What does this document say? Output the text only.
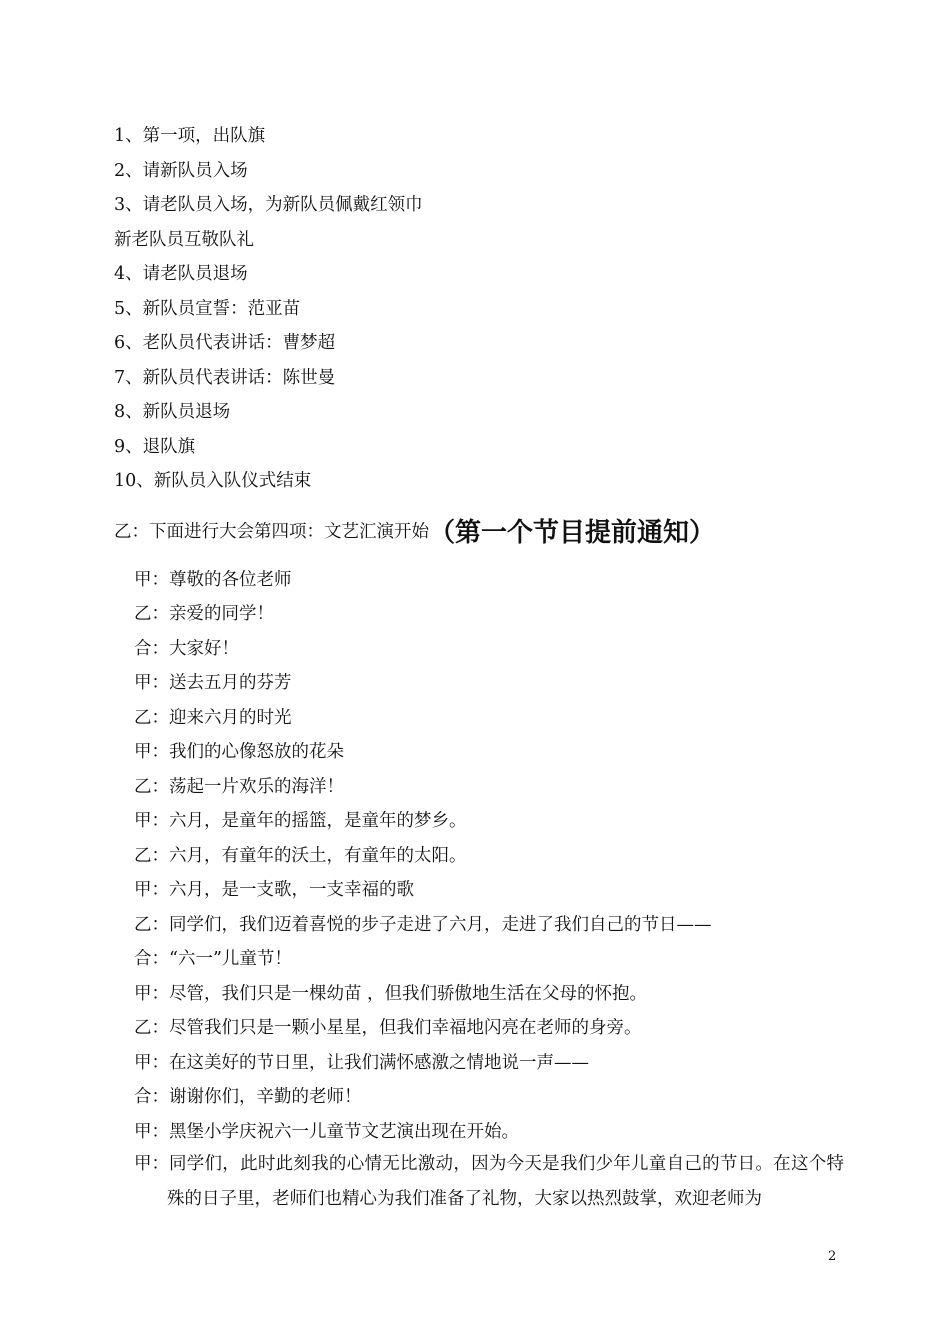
1、第一项，出队旗
2、请新队员入场
3、请老队员入场，为新队员佩戴红领巾
新老队员互敬队礼
4、请老队员退场
5、新队员宣誓：范亚苗
6、老队员代表讲话：曹梦超
7、新队员代表讲话：陈世曼
8、新队员退场
9、退队旗
10、新队员入队仪式结束
乙：下面进行大会第四项：文艺汇演开始（第一个节目提前通知）
甲：尊敬的各位老师
乙：亲爱的同学！
合：大家好！
甲：送去五月的芬芳
乙：迎来六月的时光
甲：我们的心像怒放的花朵
乙：荡起一片欢乐的海洋！
甲：六月，是童年的摇篮，是童年的梦乡。
乙：六月，有童年的沃土，有童年的太阳。
甲：六月，是一支歌，一支幸福的歌
乙：同学们，我们迈着喜悦的步子走进了六月，走进了我们自己的节日——
合：“六一”儿童节！
甲：尽管，我们只是一棵幼苗 ，但我们骄傲地生活在父母的怀抱。
乙：尽管我们只是一颗小星星，但我们幸福地闪亮在老师的身旁。
甲：在这美好的节日里，让我们满怀感激之情地说一声——
合：谢谢你们，辛勤的老师！
甲：黑堡小学庆祝六一儿童节文艺演出现在开始。
甲： 同学们，此时此刻我的心情无比激动，因为今天是我们少年儿童自己的节日。在这个特殊的日子里，老师们也精心为我们准备了礼物，大家以热烈鼓掌，欢迎老师为
2
